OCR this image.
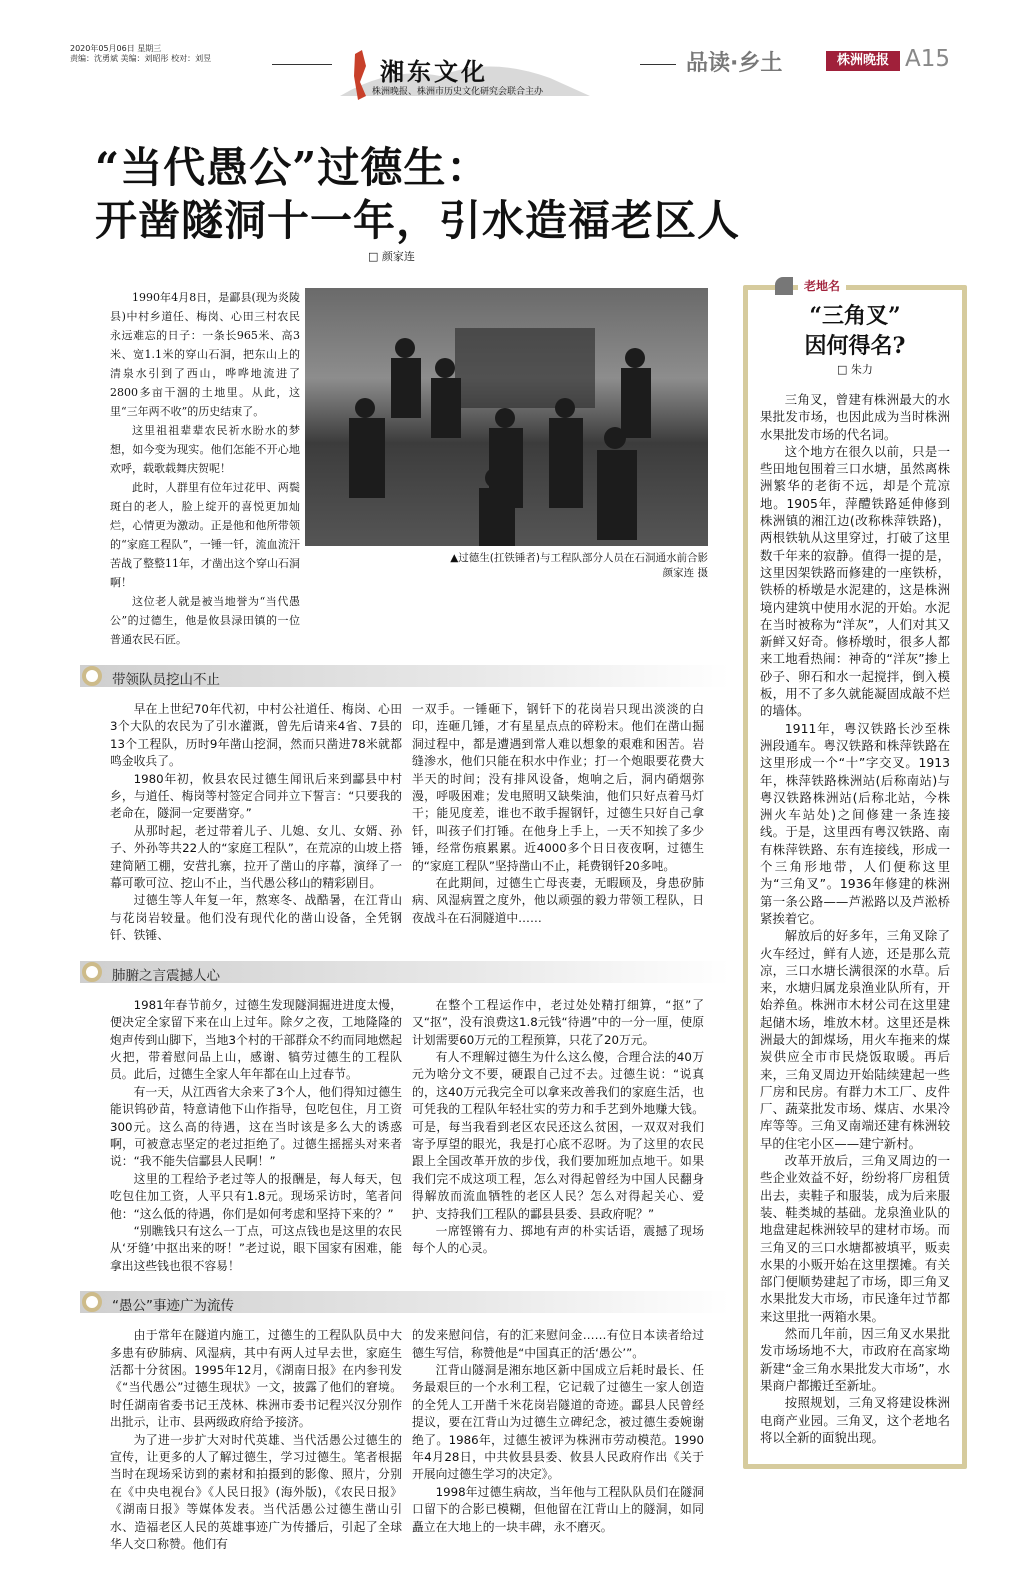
2020年05月06日 星期三
责编：沈勇斌 美编：刘昭彤 校对：刘昱	湘东文化
株洲晚报、株洲市历史文化研究会联合主办
品读·乡土	株洲晚报 A15
“当代愚公”过德生：
开凿隧洞十一年，引水造福老区人
□ 颜家连

1990年4月8日，是酃县(现为炎陵县)中村乡道任、梅岗、心田三村农民永远难忘的日子：一条长965米、高3米、宽1.1米的穿山石洞，把东山上的清泉水引到了西山，哗哗地流进了2800多亩干涸的土地里。从此，这里“三年两不收”的历史结束了。

这里祖祖辈辈农民祈水盼水的梦想，如今变为现实。他们怎能不开心地欢呼，载歌载舞庆贺呢！

此时，人群里有位年过花甲、两鬓斑白的老人，脸上绽开的喜悦更加灿烂，心情更为激动。正是他和他所带领的“家庭工程队”，一锤一钎，流血流汗苦战了整整11年，才凿出这个穿山石洞啊！

这位老人就是被当地誉为“当代愚公”的过德生，他是攸县渌田镇的一位普通农民石匠。

▲过德生(扛铁锤者)与工程队部分人员在石洞通水前合影
颜家连 摄
带领队员挖山不止

早在上世纪70年代初，中村公社道任、梅岗、心田3个大队的农民为了引水灌溉，曾先后请来4省、7县的13个工程队，历时9年凿山挖洞，然而只凿进78米就都鸣金收兵了。

1980年初，攸县农民过德生闻讯后来到酃县中村乡，与道任、梅岗等村签定合同并立下誓言：“只要我的老命在，隧洞一定要凿穿。”

从那时起，老过带着儿子、儿媳、女儿、女婿、孙子、外孙等共22人的“家庭工程队”，在荒凉的山坡上搭建简陋工棚，安营扎寨，拉开了凿山的序幕，演绎了一幕可歌可泣、挖山不止，当代愚公移山的精彩剧目。

过德生等人年复一年，熬寒冬、战酷暑，在江背山与花岗岩较量。他们没有现代化的凿山设备，全凭钢钎、铁锤、

一双手。一锤砸下，钢钎下的花岗岩只现出淡淡的白印，连砸几锤，才有星星点点的碎粉末。他们在凿山掘洞过程中，都是遭遇到常人难以想象的艰难和困苦。岩缝渗水，他们只能在积水中作业；打一个炮眼要花费大半天的时间；没有排风设备，炮响之后，洞内硝烟弥漫，呼吸困难；发电照明又缺柴油，他们只好点着马灯干；能见度差，谁也不敢手握钢钎，过德生只好自己拿钎，叫孩子们打锤。在他身上手上，一天不知挨了多少锤，经常伤痕累累。近4000多个日日夜夜啊，过德生的“家庭工程队”坚持凿山不止，耗费钢钎20多吨。

在此期间，过德生亡母丧妻，无暇顾及，身患矽肺病、风湿病置之度外，他以顽强的毅力带领工程队，日夜战斗在石洞隧道中……

肺腑之言震撼人心

1981年春节前夕，过德生发现隧洞掘进进度太慢，便决定全家留下来在山上过年。除夕之夜，工地隆隆的炮声传到山脚下，当地3个村的干部群众不约而同地燃起火把，带着慰问品上山，感谢、犒劳过德生的工程队员。此后，过德生全家人年年都在山上过春节。

有一天，从江西省大余来了3个人，他们得知过德生能识钨砂苗，特意请他下山作指导，包吃包住，月工资300元。这么高的待遇，这在当时该是多么大的诱惑啊，可被意志坚定的老过拒绝了。过德生摇摇头对来者说：“我不能失信酃县人民啊！”

这里的工程给予老过等人的报酬是，每人每天，包吃包住加工资，人平只有1.8元。现场采访时，笔者问他：“这么低的待遇，你们是如何考虑和坚持下来的？”

“别瞧钱只有这么一丁点，可这点钱也是这里的农民从‘牙缝’中抠出来的呀！”老过说，眼下国家有困难，能拿出这些钱也很不容易！

在整个工程运作中，老过处处精打细算，“抠”了又“抠”，没有浪费这1.8元钱“待遇”中的一分一厘，使原计划需要60万元的工程预算，只花了20万元。

有人不理解过德生为什么这么傻，合理合法的40万元为啥分文不要，硬跟自己过不去。过德生说：“说真的，这40万元我完全可以拿来改善我们的家庭生活，也可凭我的工程队年轻壮实的劳力和手艺到外地赚大钱。可是，每当我看到老区农民还这么贫困，一双双对我们寄予厚望的眼光，我是打心底不忍呀。为了这里的农民跟上全国改革开放的步伐，我们要加班加点地干。如果我们完不成这项工程，怎么对得起曾经为中国人民翻身得解放而流血牺牲的老区人民？怎么对得起关心、爱护、支持我们工程队的酃县县委、县政府呢？”

一席铿锵有力、掷地有声的朴实话语，震撼了现场每个人的心灵。

“愚公”事迹广为流传

由于常年在隧道内施工，过德生的工程队队员中大多患有矽肺病、风湿病，其中有两人过早去世，家庭生活都十分贫困。1995年12月，《湖南日报》在内参刊发《“当代愚公”过德生现状》一文，披露了他们的窘境。时任湖南省委书记王茂林、株洲市委书记程兴汉分别作出批示，让市、县两级政府给予接济。

为了进一步扩大对时代英雄、当代活愚公过德生的宣传，让更多的人了解过德生，学习过德生。笔者根据当时在现场采访到的素材和拍摄到的影像、照片，分别在《中央电视台》《人民日报》(海外版)，《农民日报》《湖南日报》等媒体发表。当代活愚公过德生凿山引水、造福老区人民的英雄事迹广为传播后，引起了全球华人交口称赞。他们有

的发来慰问信，有的汇来慰问金……有位日本读者给过德生写信，称赞他是“中国真正的活‘愚公’”。

江背山隧洞是湘东地区新中国成立后耗时最长、任务最艰巨的一个水利工程，它记载了过德生一家人创造的全凭人工开凿千米花岗岩隧道的奇迹。酃县人民曾经提议，要在江背山为过德生立碑纪念，被过德生委婉谢绝了。1986年，过德生被评为株洲市劳动模范。1990年4月28日，中共攸县县委、攸县人民政府作出《关于开展向过德生学习的决定》。

1998年过德生病故，当年他与工程队队员们在隧洞口留下的合影已模糊，但他留在江背山上的隧洞，如同矗立在大地上的一块丰碑，永不磨灭。

老地名
“三角叉”
因何得名?
□ 朱力

三角叉，曾建有株洲最大的水果批发市场，也因此成为当时株洲水果批发市场的代名词。

这个地方在很久以前，只是一些田地包围着三口水塘，虽然离株洲繁华的老街不远，却是个荒凉地。1905年，萍醴铁路延伸修到株洲镇的湘江边(改称株萍铁路)，两根铁轨从这里穿过，打破了这里数千年来的寂静。值得一提的是，这里因架铁路而修建的一座铁桥，铁桥的桥墩是水泥建的，这是株洲境内建筑中使用水泥的开始。水泥在当时被称为“洋灰”，人们对其又新鲜又好奇。修桥墩时，很多人都来工地看热闹：神奇的“洋灰”掺上砂子、卵石和水一起搅拌，倒入模板，用不了多久就能凝固成敲不烂的墙体。

1911年，粤汉铁路长沙至株洲段通车。粤汉铁路和株萍铁路在这里形成一个“十”字交叉。1913年，株萍铁路株洲站(后称南站)与粤汉铁路株洲站(后称北站，今株洲火车站处)之间修建一条连接线。于是，这里西有粤汉铁路、南有株萍铁路、东有连接线，形成一个三角形地带，人们便称这里为“三角叉”。1936年修建的株洲第一条公路——芦淞路以及芦淞桥紧挨着它。

解放后的好多年，三角叉除了火车经过，鲜有人迹，还是那么荒凉，三口水塘长满很深的水草。后来，水塘归属龙泉渔业队所有，开始养鱼。株洲市木材公司在这里建起储木场，堆放木材。这里还是株洲最大的卸煤场，用火车拖来的煤炭供应全市市民烧饭取暖。再后来，三角叉周边开始陆续建起一些厂房和民房。有群力木工厂、皮件厂、蔬菜批发市场、煤店、水果冷库等等。三角叉南端还建有株洲较早的住宅小区——建宁新村。

改革开放后，三角叉周边的一些企业效益不好，纷纷将厂房租赁出去，卖鞋子和服装，成为后来服装、鞋类城的基础。龙泉渔业队的地盘建起株洲较早的建材市场。而三角叉的三口水塘都被填平，贩卖水果的小贩开始在这里摆摊。有关部门便顺势建起了市场，即三角叉水果批发大市场，市民逢年过节都来这里批一两箱水果。

然而几年前，因三角叉水果批发市场场地不大，市政府在高家坳新建“金三角水果批发大市场”，水果商户都搬迁至新址。

按照规划，三角叉将建设株洲电商产业园。三角叉，这个老地名将以全新的面貌出现。
